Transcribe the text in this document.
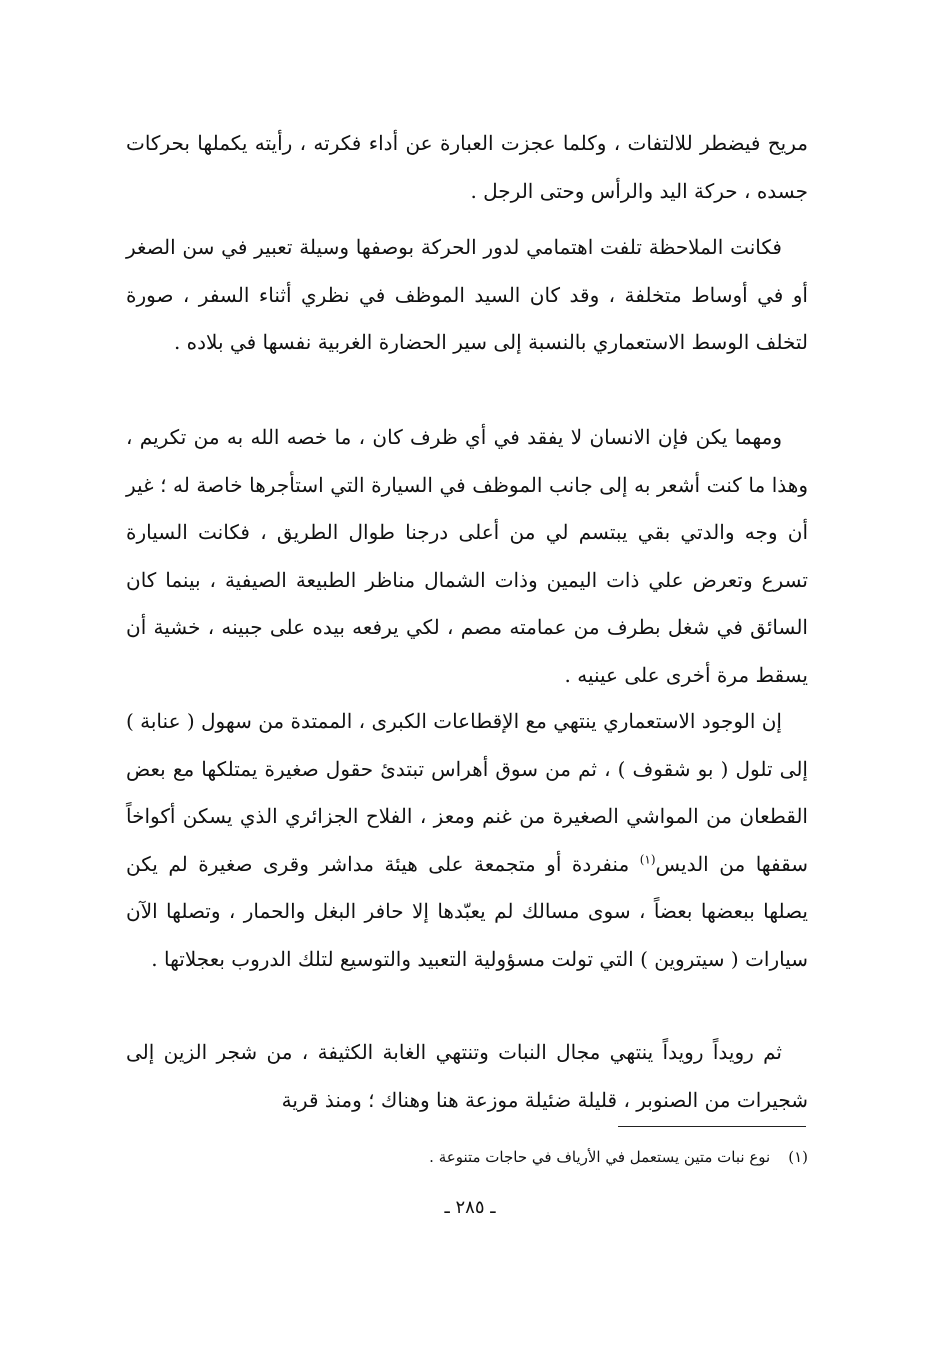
مريح فيضطر للالتفات ، وكلما عجزت العبارة عن أداء فكرته ، رأيته يكملها بحركات جسده ، حركة اليد والرأس وحتى الرجل .

فكانت الملاحظة تلفت اهتمامي لدور الحركة بوصفها وسيلة تعبير في سن الصغر أو في أوساط متخلفة ، وقد كان السيد الموظف في نظري أثناء السفر ، صورة لتخلف الوسط الاستعماري بالنسبة إلى سير الحضارة الغربية نفسها في بلاده .

ومهما يكن فإن الانسان لا يفقد في أي ظرف كان ، ما خصه الله به من تكريم ، وهذا ما كنت أشعر به إلى جانب الموظف في السيارة التي استأجرها خاصة له ؛ غير أن وجه والدتي بقي يبتسم لي من أعلى درجنا طوال الطريق ، فكانت السيارة تسرع وتعرض علي ذات اليمين وذات الشمال مناظر الطبيعة الصيفية ، بينما كان السائق في شغل بطرف من عمامته مصم ، لكي يرفعه بيده على جبينه ، خشية أن يسقط مرة أخرى على عينيه .

إن الوجود الاستعماري ينتهي مع الإقطاعات الكبرى ، الممتدة من سهول ( عنابة ) إلى تلول ( بو شقوف ) ، ثم من سوق أهراس تبتدئ حقول صغيرة يمتلكها مع بعض القطعان من المواشي الصغيرة من غنم ومعز ، الفلاح الجزائري الذي يسكن أكواخاً سقفها من الديس$^{(١)}$ منفردة أو متجمعة على هيئة مداشر وقرى صغيرة لم يكن يصلها ببعضها بعضاً ، سوى مسالك لم يعبّدها إلا حافر البغل والحمار ، وتصلها الآن سيارات ( سيتروين ) التي تولت مسؤولية التعبيد والتوسيع لتلك الدروب بعجلاتها .

ثم رويداً رويداً ينتهي مجال النبات وتنتهي الغابة الكثيفة ، من شجر الزين إلى شجيرات من الصنوبر ، قليلة ضئيلة موزعة هنا وهناك ؛ ومنذ قرية

(١)نوع نبات متين يستعمل في الأرياف في حاجات متنوعة .
ـ ٢٨٥ ـ
